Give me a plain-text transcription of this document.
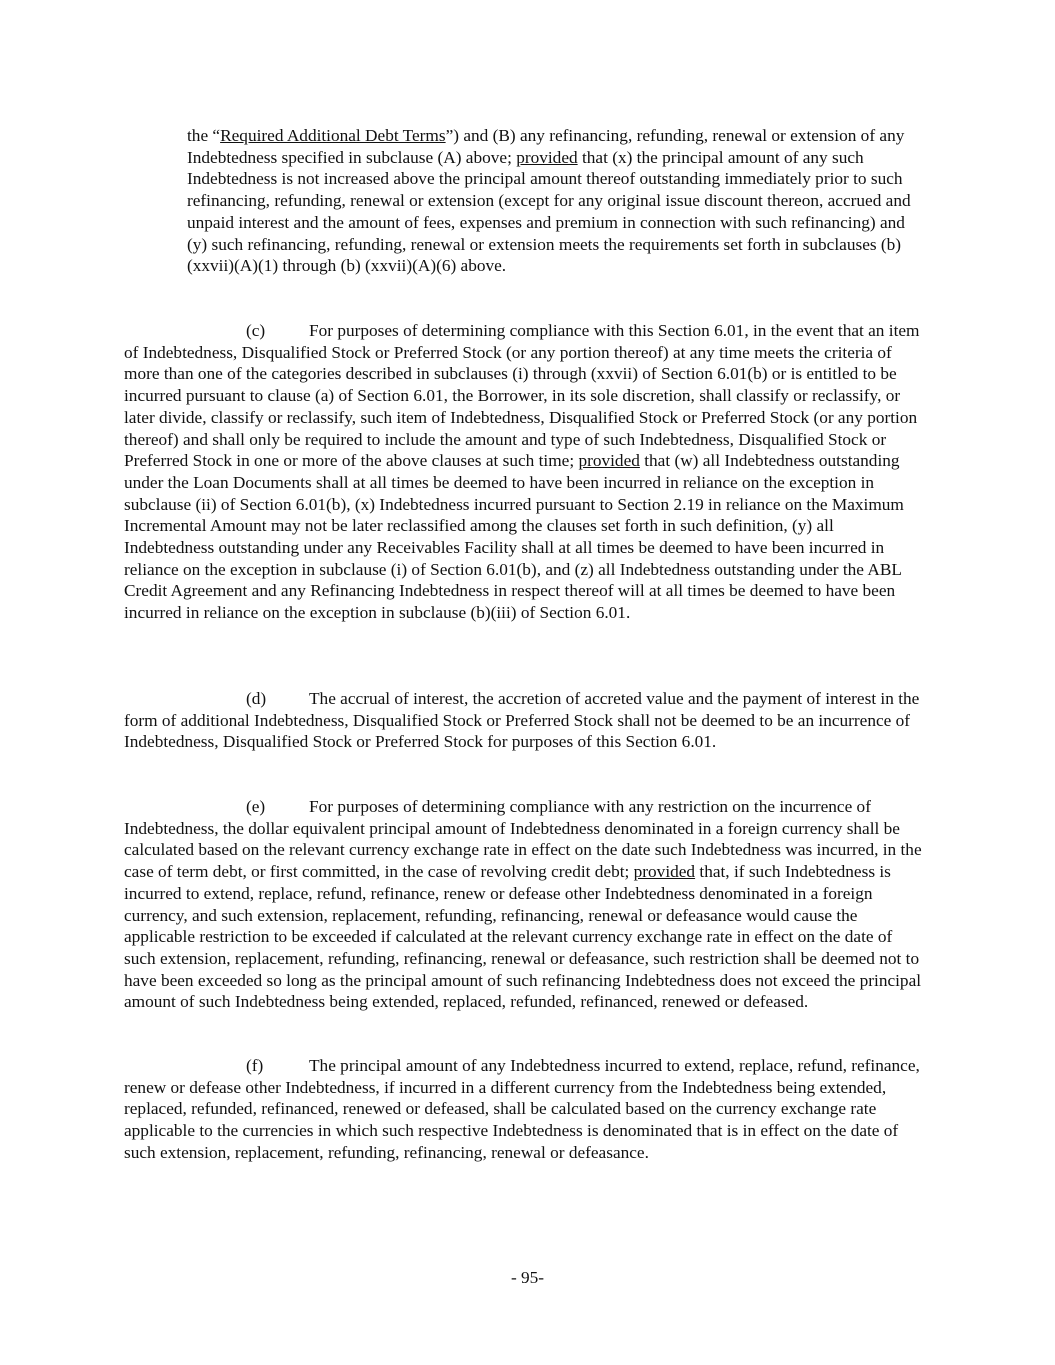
the “Required Additional Debt Terms”) and (B) any refinancing, refunding, renewal or extension of any Indebtedness specified in subclause (A) above; provided that (x) the principal amount of any such Indebtedness is not increased above the principal amount thereof outstanding immediately prior to such refinancing, refunding, renewal or extension (except for any original issue discount thereon, accrued and unpaid interest and the amount of fees, expenses and premium in connection with such refinancing) and (y) such refinancing, refunding, renewal or extension meets the requirements set forth in subclauses (b)(xxvii)(A)(1) through (b) (xxvii)(A)(6) above.

(c)	For purposes of determining compliance with this Section 6.01, in the event that an item of Indebtedness, Disqualified Stock or Preferred Stock (or any portion thereof) at any time meets the criteria of more than one of the categories described in subclauses (i) through (xxvii) of Section 6.01(b) or is entitled to be incurred pursuant to clause (a) of Section 6.01, the Borrower, in its sole discretion, shall classify or reclassify, or later divide, classify or reclassify, such item of Indebtedness, Disqualified Stock or Preferred Stock (or any portion thereof) and shall only be required to include the amount and type of such Indebtedness, Disqualified Stock or Preferred Stock in one or more of the above clauses at such time; provided that (w) all Indebtedness outstanding under the Loan Documents shall at all times be deemed to have been incurred in reliance on the exception in subclause (ii) of Section 6.01(b), (x) Indebtedness incurred pursuant to Section 2.19 in reliance on the Maximum Incremental Amount may not be later reclassified among the clauses set forth in such definition, (y) all Indebtedness outstanding under any Receivables Facility shall at all times be deemed to have been incurred in reliance on the exception in subclause (i) of Section 6.01(b), and (z) all Indebtedness outstanding under the ABL Credit Agreement and any Refinancing Indebtedness in respect thereof will at all times be deemed to have been incurred in reliance on the exception in subclause (b)(iii) of Section 6.01.

(d) The accrual of interest, the accretion of accreted value and the payment of interest in the form of additional Indebtedness, Disqualified Stock or Preferred Stock shall not be deemed to be an incurrence of Indebtedness, Disqualified Stock or Preferred Stock for purposes of this Section 6.01.

(e)	For purposes of determining compliance with any restriction on the incurrence of Indebtedness, the dollar equivalent principal amount of Indebtedness denominated in a foreign currency shall be calculated based on the relevant currency exchange rate in effect on the date such Indebtedness was incurred, in the case of term debt, or first committed, in the case of revolving credit debt; provided that, if such Indebtedness is incurred to extend, replace, refund, refinance, renew or defease other Indebtedness denominated in a foreign currency, and such extension, replacement, refunding, refinancing, renewal or defeasance would cause the applicable restriction to be exceeded if calculated at the relevant currency exchange rate in effect on the date of such extension, replacement, refunding, refinancing, renewal or defeasance, such restriction shall be deemed not to have been exceeded so long as the principal amount of such refinancing Indebtedness does not exceed the principal amount of such Indebtedness being extended, replaced, refunded, refinanced, renewed or defeased.

(f)	The principal amount of any Indebtedness incurred to extend, replace, refund, refinance, renew or defease other Indebtedness, if incurred in a different currency from the Indebtedness being extended, replaced, refunded, refinanced, renewed or defeased, shall be calculated based on the currency exchange rate applicable to the currencies in which such respective Indebtedness is denominated that is in effect on the date of such extension, replacement, refunding, refinancing, renewal or defeasance.

- 95-
